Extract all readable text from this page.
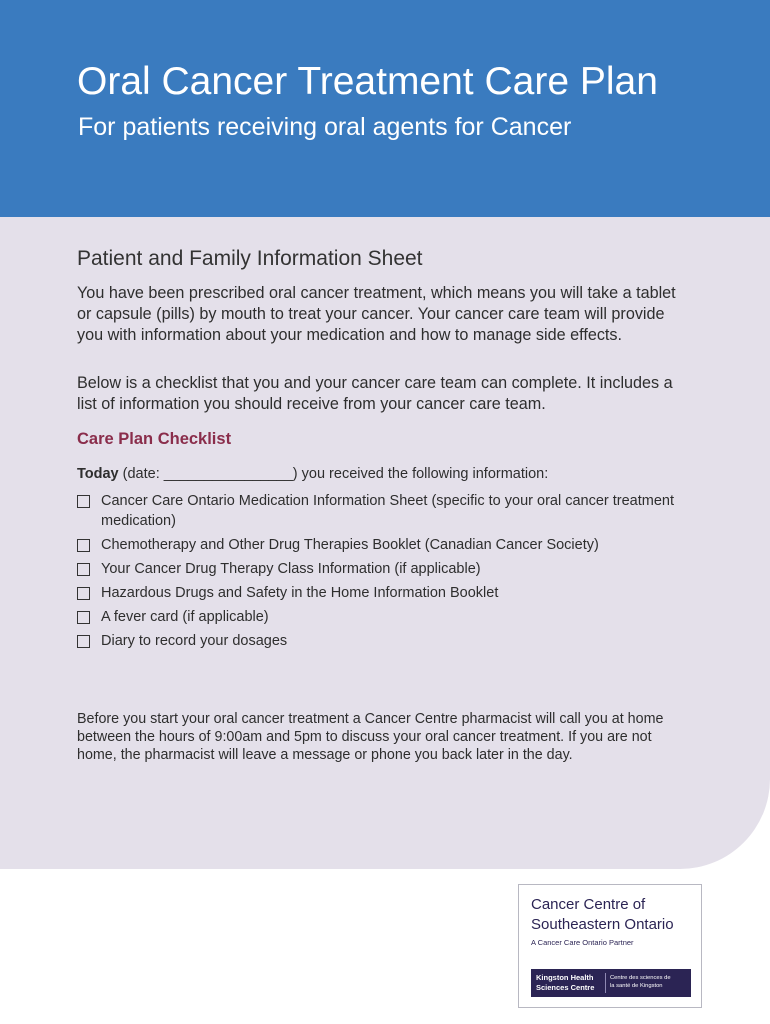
Oral Cancer Treatment Care Plan
For patients receiving oral agents for Cancer
Patient and Family Information Sheet

You have been prescribed oral cancer treatment, which means you will take a tablet or capsule (pills) by mouth to treat your cancer. Your cancer care team will provide you with information about your medication and how to manage side effects.

Below is a checklist that you and your cancer care team can complete. It includes a list of information you should receive from your cancer care team.

Care Plan Checklist
Today (date: ________________) you received the following information:
Cancer Care Ontario Medication Information Sheet (specific to your oral cancer treatment medication)
Chemotherapy and Other Drug Therapies Booklet (Canadian Cancer Society)
Your Cancer Drug Therapy Class Information (if applicable)
Hazardous Drugs and Safety in the Home Information Booklet
A fever card (if applicable)
Diary to record your dosages

Before you start your oral cancer treatment a Cancer Centre pharmacist will call you at home between the hours of 9:00am and 5pm to discuss your oral cancer treatment. If you are not home, the pharmacist will leave a message or phone you back later in the day.

Cancer Centre of
Southeastern Ontario
A Cancer Care Ontario Partner
Kingston Health
Sciences Centre
Centre des sciences de
la santé de Kingston
